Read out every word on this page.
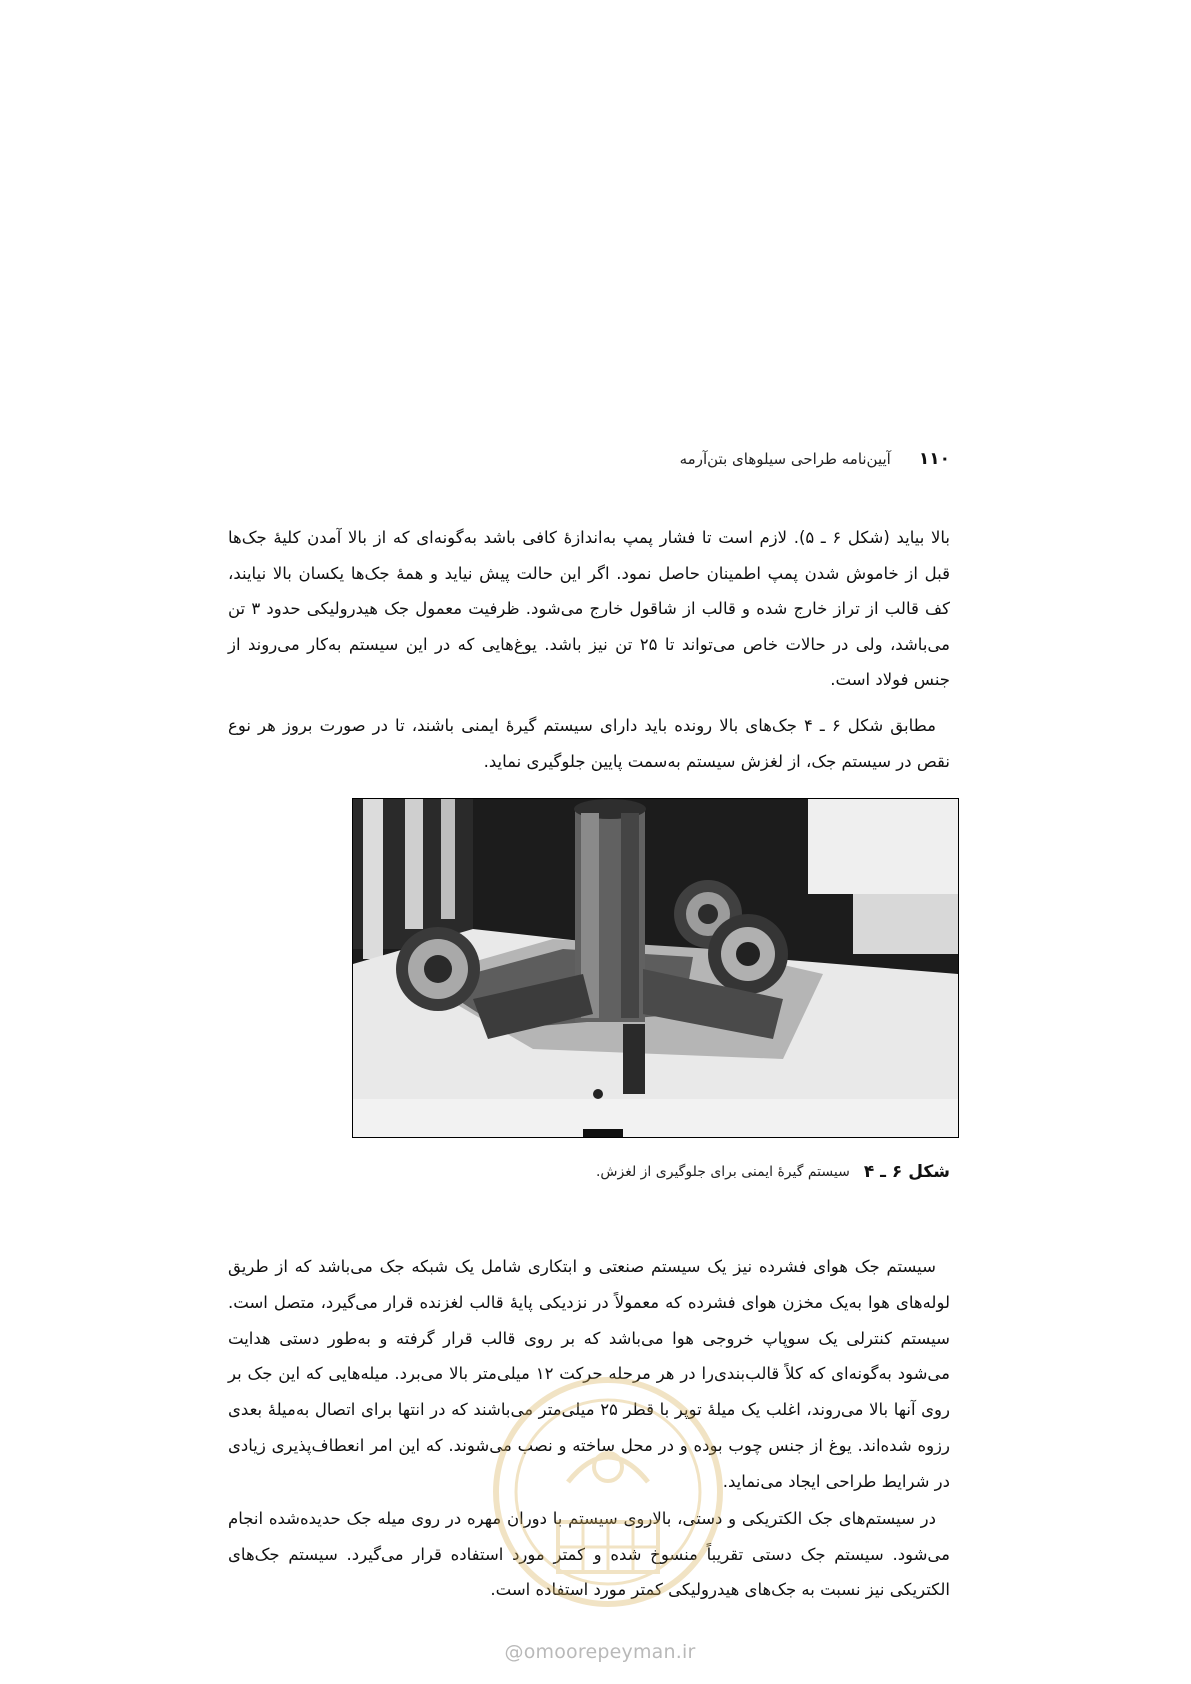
۱۱۰
آیین‌نامه طراحی سیلوهای بتن‌آرمه

بالا بیاید (شکل ۶ ـ ۵). لازم است تا فشار پمپ به‌اندازهٔ کافی باشد به‌گونه‌ای که از بالا آمدن کلیهٔ جک‌ها قبل از خاموش شدن پمپ اطمینان حاصل نمود. اگر این حالت پیش نیاید و همهٔ جک‌ها یکسان بالا نیایند، کف قالب از تراز خارج شده و قالب از شاقول خارج می‌شود. ظرفیت معمول جک هیدرولیکی حدود ۳ تن می‌باشد، ولی در حالات خاص می‌تواند تا ۲۵ تن نیز باشد. یوغ‌هایی که در این سیستم به‌کار می‌روند از جنس فولاد است.

مطابق شکل ۶ ـ ۴ جک‌های بالا رونده باید دارای سیستم گیرهٔ ایمنی باشند، تا در صورت بروز هر نوع نقص در سیستم جک، از لغزش سیستم به‌سمت پایین جلوگیری نماید.

شکل ۶ ـ ۴
سیستم گیرهٔ ایمنی برای جلوگیری از لغزش.

سیستم جک هوای فشرده نیز یک سیستم صنعتی و ابتکاری شامل یک شبکه جک می‌باشد که از طریق لوله‌های هوا به‌یک مخزن هوای فشرده که معمولاً در نزدیکی پایهٔ قالب لغزنده قرار می‌گیرد، متصل است. سیستم کنترلی یک سوپاپ خروجی هوا می‌باشد که بر روی قالب قرار گرفته و به‌طور دستی هدایت می‌شود به‌گونه‌ای که کلاً قالب‌بندی‌را در هر مرحله حرکت ۱۲ میلی‌متر بالا می‌برد. میله‌هایی که این جک بر روی آنها بالا می‌روند، اغلب یک میلهٔ توپر با قطر ۲۵ میلی‌متر می‌باشند که در انتها برای اتصال به‌میلهٔ بعدی رزوه شده‌اند. یوغ از جنس چوب بوده و در محل ساخته و نصب می‌شوند. که این امر انعطاف‌پذیری زیادی در شرایط طراحی ایجاد می‌نماید.

در سیستم‌های جک الکتریکی و دستی، بالاروی سیستم با دوران مهره در روی میله جک حدیده‌شده انجام می‌شود. سیستم جک دستی تقریباً منسوخ شده و کمتر مورد استفاده قرار می‌گیرد. سیستم جک‌های الکتریکی نیز نسبت به جک‌های هیدرولیکی کمتر مورد استفاده است.

@omoorepeyman.ir
